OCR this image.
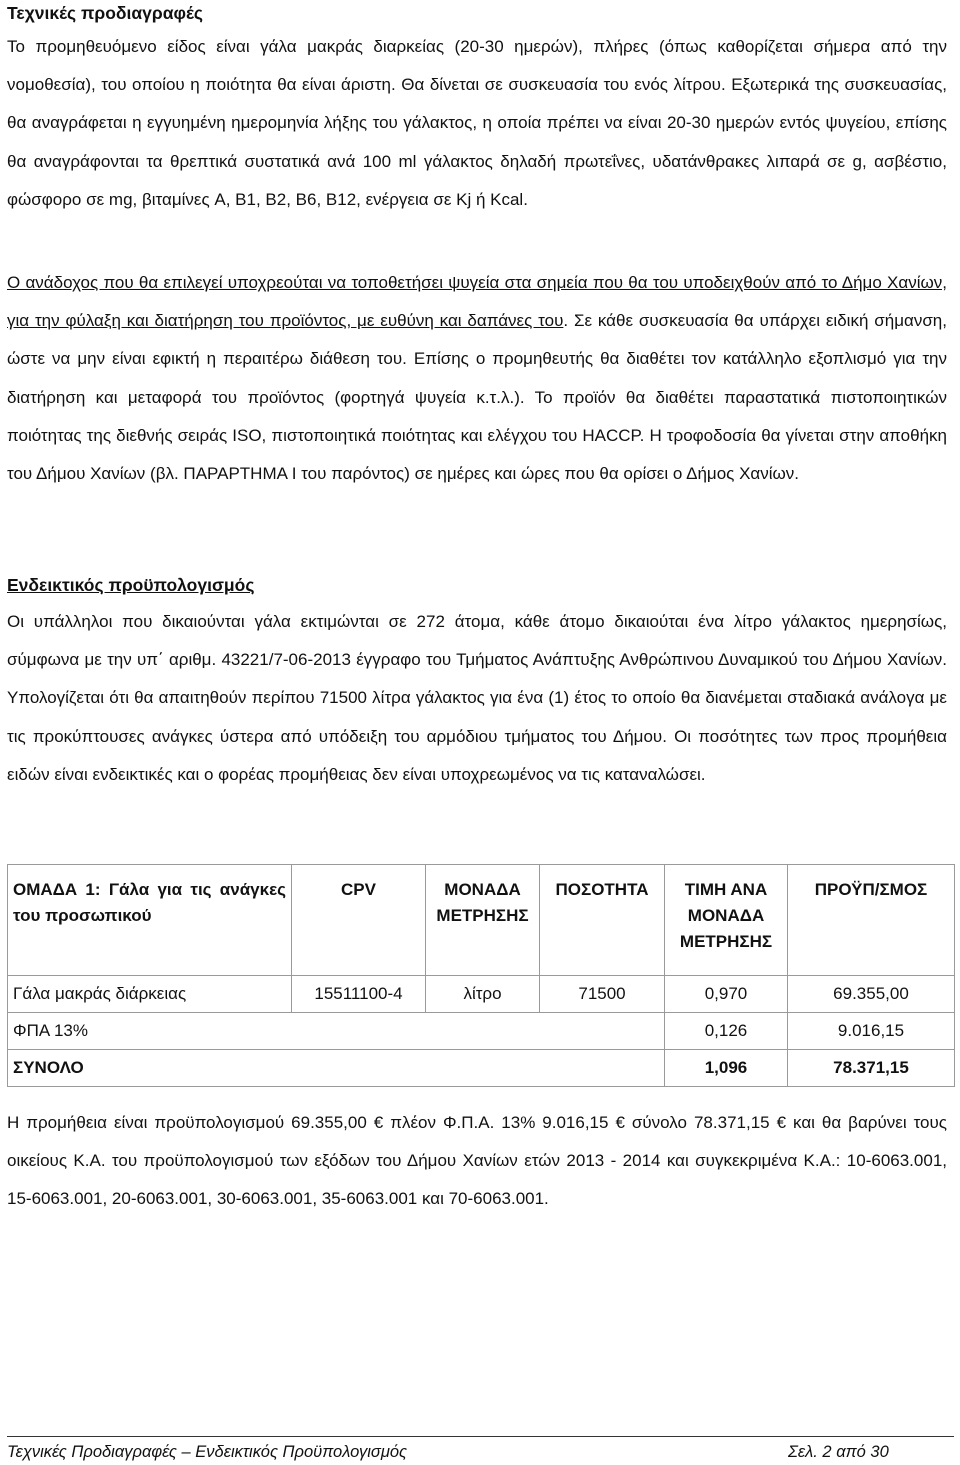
Τεχνικές προδιαγραφές

Το προμηθευόμενο είδος είναι γάλα μακράς διαρκείας (20-30 ημερών), πλήρες (όπως καθορίζεται σήμερα από την νομοθεσία), του οποίου η ποιότητα θα είναι άριστη. Θα δίνεται σε συσκευασία του ενός λίτρου. Εξωτερικά της συσκευασίας, θα αναγράφεται η εγγυημένη ημερομηνία λήξης του γάλακτος, η οποία πρέπει να είναι 20-30 ημερών εντός ψυγείου, επίσης θα αναγράφονται τα θρεπτικά συστατικά ανά 100 ml γάλακτος δηλαδή πρωτεΐνες, υδατάνθρακες λιπαρά σε g, ασβέστιο, φώσφορο σε mg, βιταμίνες A, B1, B2, B6, B12, ενέργεια σε Kj ή Kcal.

Ο ανάδοχος που θα επιλεγεί υποχρεούται να τοποθετήσει ψυγεία στα σημεία που θα του υποδειχθούν από το Δήμο Χανίων, για την φύλαξη και διατήρηση του προϊόντος, με ευθύνη και δαπάνες του. Σε κάθε συσκευασία θα υπάρχει ειδική σήμανση, ώστε να μην είναι εφικτή η περαιτέρω διάθεση του. Επίσης ο προμηθευτής θα διαθέτει τον κατάλληλο εξοπλισμό για την διατήρηση και μεταφορά του προϊόντος (φορτηγά ψυγεία κ.τ.λ.). Το προϊόν θα διαθέτει παραστατικά πιστοποιητικών ποιότητας της διεθνής σειράς ISO, πιστοποιητικά ποιότητας και ελέγχου του HACCP. Η τροφοδοσία θα γίνεται στην αποθήκη του Δήμου Χανίων (βλ. ΠΑΡΑΡΤΗΜΑ Ι του παρόντος) σε ημέρες και ώρες που θα ορίσει ο Δήμος Χανίων.

Ενδεικτικός προϋπολογισμός

Οι υπάλληλοι που δικαιούνται γάλα εκτιμώνται σε 272 άτομα, κάθε άτομο δικαιούται ένα λίτρο γάλακτος ημερησίως, σύμφωνα με την υπ΄ αριθμ. 43221/7-06-2013 έγγραφο του Τμήματος Ανάπτυξης Ανθρώπινου Δυναμικού του Δήμου Χανίων. Υπολογίζεται ότι θα απαιτηθούν περίπου 71500 λίτρα γάλακτος για ένα (1) έτος το οποίο θα διανέμεται σταδιακά ανάλογα με τις προκύπτουσες ανάγκες ύστερα από υπόδειξη του αρμόδιου τμήματος του Δήμου. Οι ποσότητες των προς προμήθεια ειδών είναι ενδεικτικές και ο φορέας προμήθειας δεν είναι υποχρεωμένος να τις καταναλώσει.

ΟΜΑΔΑ 1: Γάλα για τις ανάγκες του προσωπικού	CPV	ΜΟΝΑΔΑ ΜΕΤΡΗΣΗΣ	ΠΟΣΟΤΗΤΑ	ΤΙΜΗ ΑΝΑ ΜΟΝΑΔΑ ΜΕΤΡΗΣΗΣ	ΠΡΟΫΠ/ΣΜΟΣ
Γάλα μακράς διάρκειας	15511100-4	λίτρο	71500	0,970	69.355,00
ΦΠΑ 13%				0,126	9.016,15
ΣΥΝΟΛΟ				1,096	78.371,15

Η προμήθεια είναι προϋπολογισμού 69.355,00 € πλέον Φ.Π.Α. 13% 9.016,15 € σύνολο 78.371,15 € και θα βαρύνει τους οικείους Κ.Α. του προϋπολογισμού των εξόδων του Δήμου Χανίων ετών 2013 - 2014 και συγκεκριμένα Κ.Α.: 10-6063.001, 15-6063.001, 20-6063.001, 30-6063.001, 35-6063.001 και 70-6063.001.

Τεχνικές Προδιαγραφές – Ενδεικτικός Προϋπολογισμός	Σελ. 2 από 30
